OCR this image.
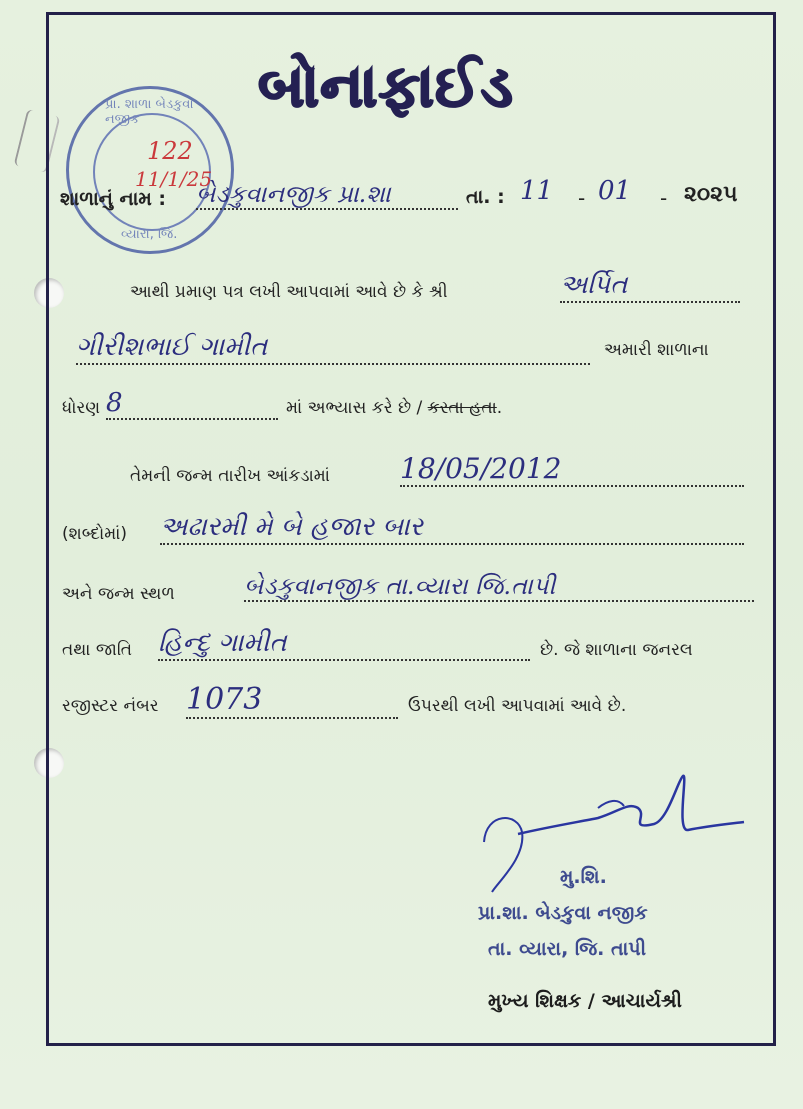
બોનાફાઈડ
પ્રા. શાળા બેડકુવા નજીક
વ્યારા, જિ.
122
11/1/25
શાળાનું નામ : બેડકુવાનજીક પ્રા.શા	તા. : 11 01
-	- ૨૦૨૫
આથી પ્રમાણ પત્ર લખી આપવામાં આવે છે કે શ્રી	અર્પિત
ગીરીશભાઈ ગામીત	અમારી શાળાના
ધોરણ 8	માં અભ્યાસ કરે છે / કરતા હતા.
તેમની જન્મ તારીખ આંકડામાં	18/05/2012
(શબ્દોમાં) અઢારમી મે બે હજાર બાર
અને જન્મ સ્થળ	બેડકુવાનજીક તા.વ્યારા જિ.તાપી
તથા જાતિ હિન્દુ ગામીત	છે. જે શાળાના જનરલ
રજીસ્ટર નંબર 1073	ઉપરથી લખી આપવામાં આવે છે.
મુ.શિ.
પ્રા.શા. બેડકુવા નજીક
તા. વ્યારા, જિ. તાપી
મુખ્ય શિક્ષક / આચાર્યશ્રી
